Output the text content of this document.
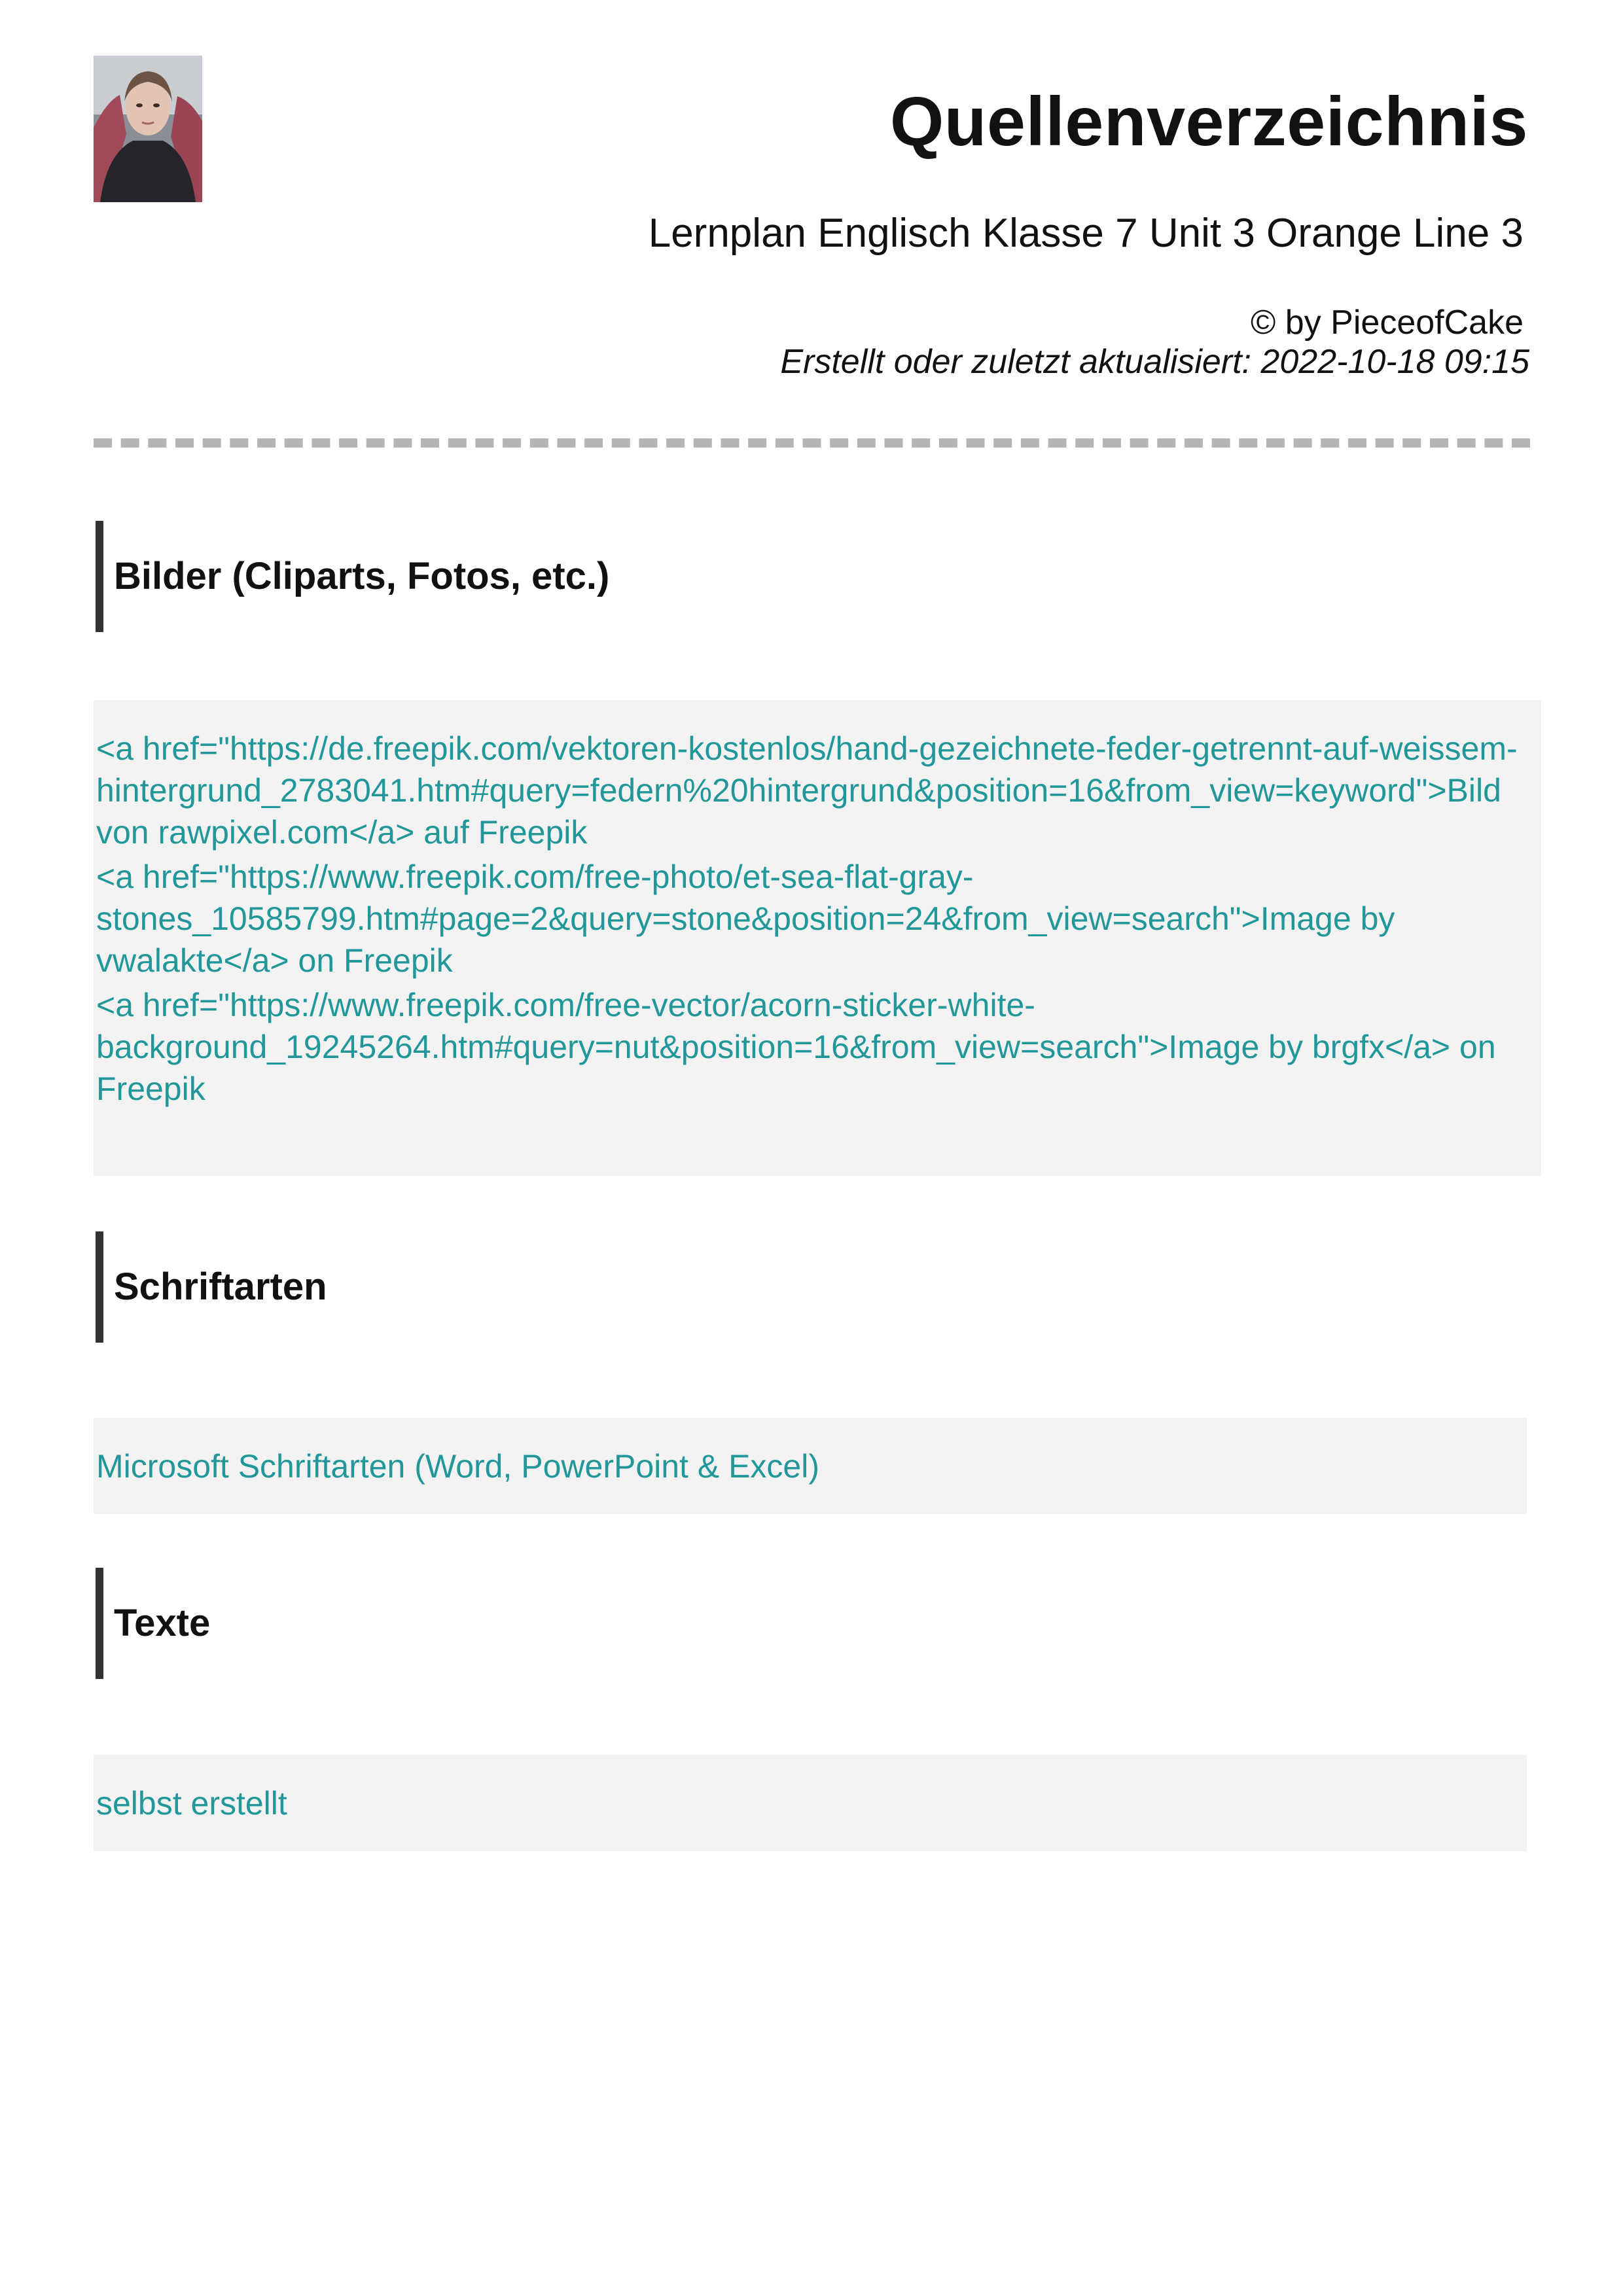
Quellenverzeichnis
Lernplan Englisch Klasse 7 Unit 3 Orange Line 3

© by PieceofCake

Erstellt oder zuletzt aktualisiert: 2022-10-18 09:15

Bilder (Cliparts, Fotos, etc.)

<a href="https://de.freepik.com/vektoren-kostenlos/hand-gezeichnete-feder-getrennt-auf-weissem-hintergrund_2783041.htm#query=federn%20hintergrund&position=16&from_view=keyword">Bild von rawpixel.com</a> auf Freepik

<a href="https://www.freepik.com/free-photo/et-sea-flat-gray-stones_10585799.htm#page=2&query=stone&position=24&from_view=search">Image by vwalakte</a> on Freepik

<a href="https://www.freepik.com/free-vector/acorn-sticker-white-background_19245264.htm#query=nut&position=16&from_view=search">Image by brgfx</a> on Freepik

Schriftarten

Microsoft Schriftarten (Word, PowerPoint & Excel)

Texte

selbst erstellt
